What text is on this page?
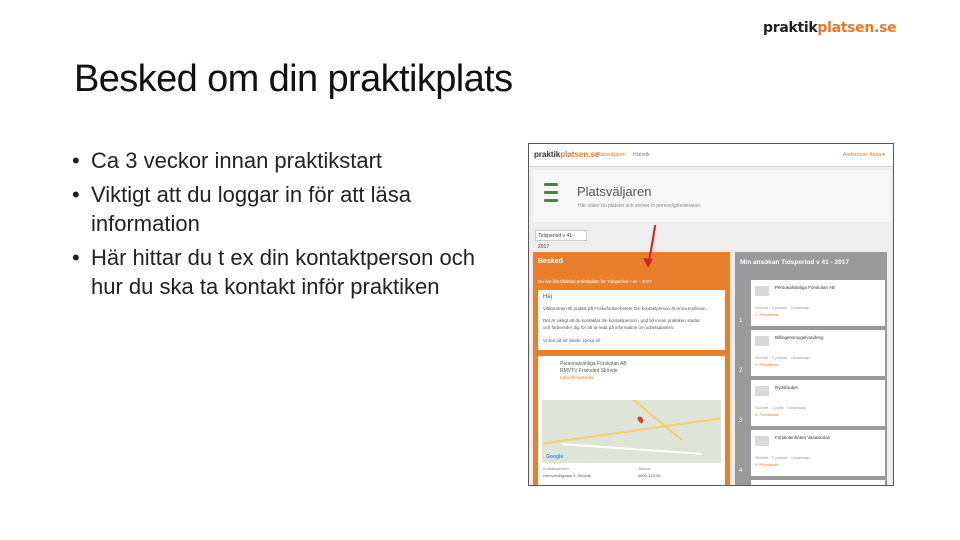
praktikplatsen.se
Besked om din praktikplats
• Ca 3 veckor innan praktikstart
• Viktigt att du loggar in för att läsa information
• Här hittar du t ex din kontaktperson och hur du ska ta kontakt inför praktiken
praktikplatsen.se
Platsväljaren Historik	Andersson, Anna ▾
Platsväljaren
Här söker du platsen och skriver in personlighetskravet.
Tidsperiod v 41 - 2017
Besked
Du har fått tilldelad praktikplats för Tidsperiod v 41 - 2017
Hej
Välkommen till praktik på Friskvårdsenheten! Din kontaktperson är Anna Karlsson.
Det är viktigt att du kontaktar din kontaktperson i god tid innan praktiken startar
och förbereder dig för att ta reda på information om arbetsplatsen.
Vi ses på ett värde. Lycka till.
Personalvänliga Förskolan AB
RMVTV Friskvård Skövde
Länk till hemsida
Google
Kontaktperson
Hemvändsgatan 5, Skövde
Telefon
0500-123 45
Min ansökan Tidsperiod v 41 - 2017
1
Personalvänliga Förskolan AB
Skövde · 2 platser · Ledarskap
✔ Prioriterad
2
Billingensmygelvandring
Skövde · 2 platser · Ledarskap
✔ Prioriterad
3
Rydsbruket
Skövde · 1 plats · Ledarskap
✔ Prioriterad
4
Förskolenheten Vasaskolan
Skövde · 2 platser · Ledarskap
✔ Prioriterad
